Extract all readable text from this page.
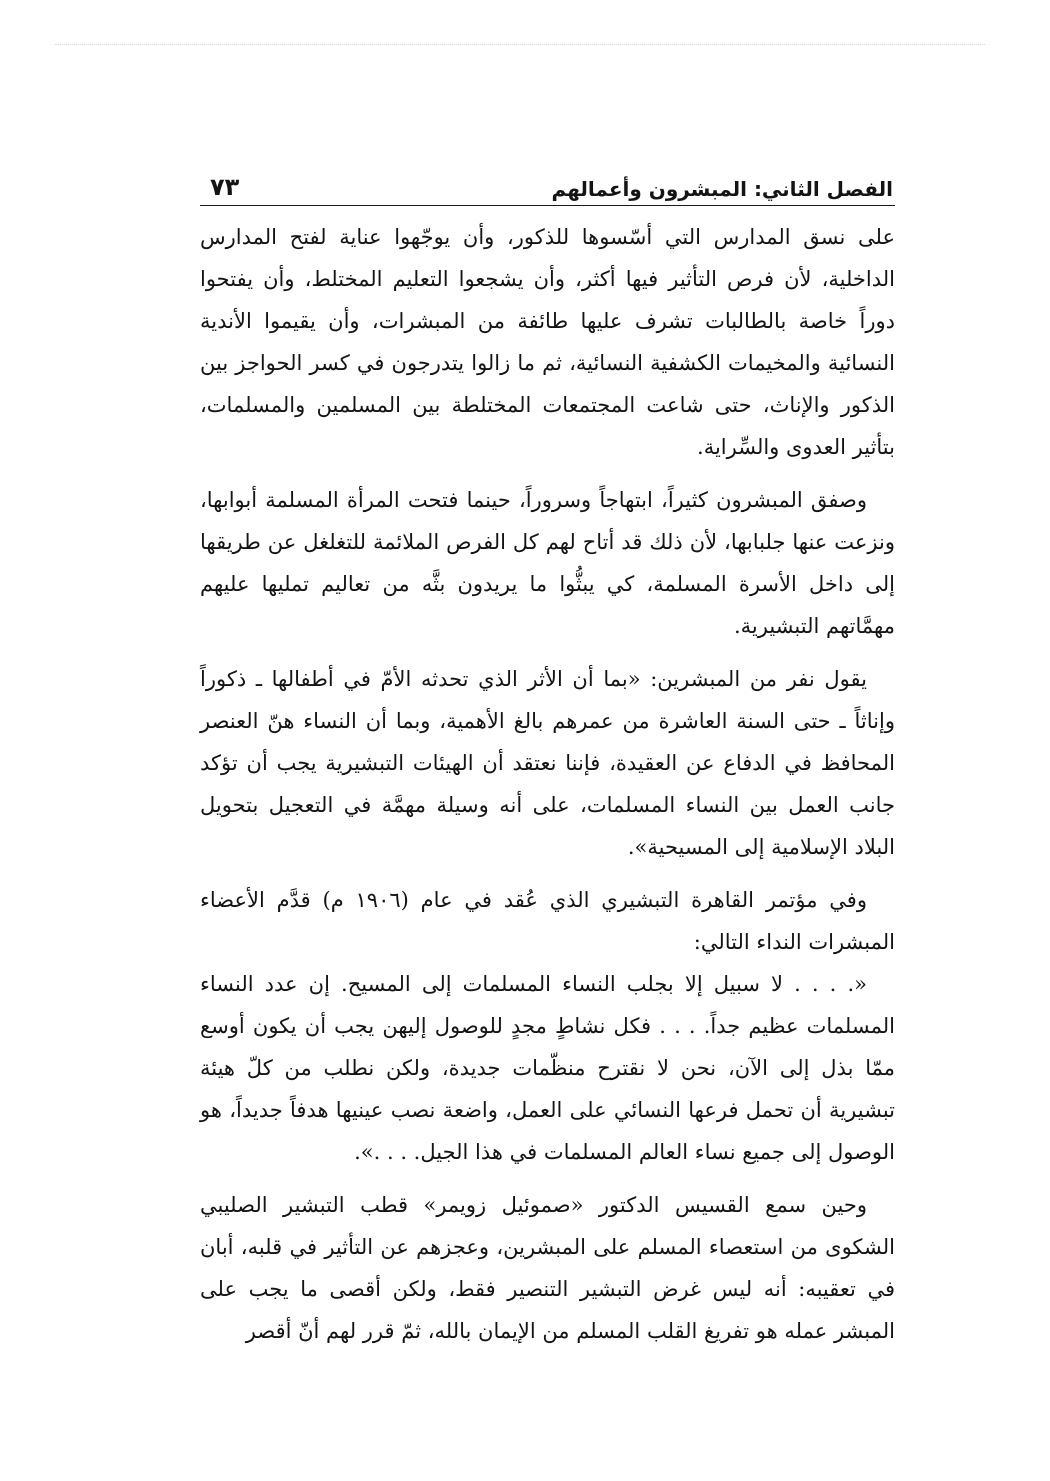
الفصل الثاني: المبشرون وأعمالهم
٧٣

على نسق المدارس التي أسّسوها للذكور، وأن يوجّهوا عناية لفتح المدارس الداخلية، لأن فرص التأثير فيها أكثر، وأن يشجعوا التعليم المختلط، وأن يفتحوا دوراً خاصة بالطالبات تشرف عليها طائفة من المبشرات، وأن يقيموا الأندية النسائية والمخيمات الكشفية النسائية، ثم ما زالوا يتدرجون في كسر الحواجز بين الذكور والإناث، حتى شاعت المجتمعات المختلطة بين المسلمين والمسلمات، بتأثير العدوى والسِّراية.

وصفق المبشرون كثيراً، ابتهاجاً وسروراً، حينما فتحت المرأة المسلمة أبوابها، ونزعت عنها جلبابها، لأن ذلك قد أتاح لهم كل الفرص الملائمة للتغلغل عن طريقها إلى داخل الأسرة المسلمة، كي يبثُّوا ما يريدون بثَّه من تعاليم تمليها عليهم مهمَّاتهم التبشيرية.

يقول نفر من المبشرين: «بما أن الأثر الذي تحدثه الأمّ في أطفالها ـ ذكوراً وإناثاً ـ حتى السنة العاشرة من عمرهم بالغ الأهمية، وبما أن النساء هنّ العنصر المحافظ في الدفاع عن العقيدة، فإننا نعتقد أن الهيئات التبشيرية يجب أن تؤكد جانب العمل بين النساء المسلمات، على أنه وسيلة مهمَّة في التعجيل بتحويل البلاد الإسلامية إلى المسيحية».

وفي مؤتمر القاهرة التبشيري الذي عُقد في عام (١٩٠٦ م) قدَّم الأعضاء المبشرات النداء التالي:

«. . . . لا سبيل إلا بجلب النساء المسلمات إلى المسيح. إن عدد النساء المسلمات عظيم جداً. . . . فكل نشاطٍ مجدٍ للوصول إليهن يجب أن يكون أوسع ممّا بذل إلى الآن، نحن لا نقترح منظّمات جديدة، ولكن نطلب من كلّ هيئة تبشيرية أن تحمل فرعها النسائي على العمل، واضعة نصب عينيها هدفاً جديداً، هو الوصول إلى جميع نساء العالم المسلمات في هذا الجيل. . . .».

وحين سمع القسيس الدكتور «صموئيل زويمر» قطب التبشير الصليبي الشكوى من استعصاء المسلم على المبشرين، وعجزهم عن التأثير في قلبه، أبان في تعقيبه: أنه ليس غرض التبشير التنصير فقط، ولكن أقصى ما يجب على المبشر عمله هو تفريغ القلب المسلم من الإيمان بالله، ثمّ قرر لهم أنّ أقصر
